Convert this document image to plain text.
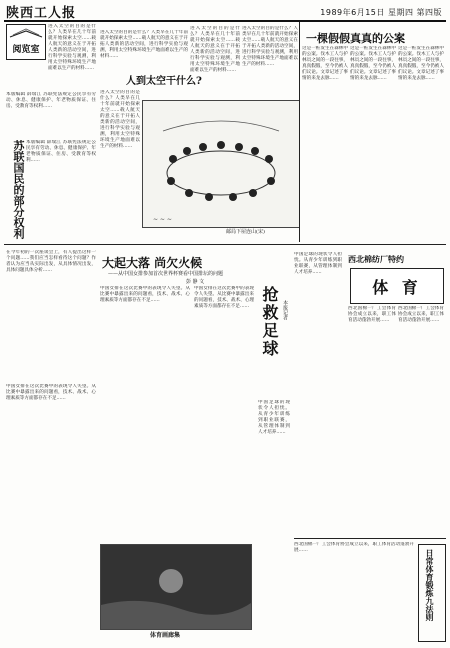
陕西工人报	1989年6月15日 星期四 第四版
阅览室
进入太空的目的是什么？人类早在几十年前就开始探索太空……载人航天的意义在于开拓人类新的活动空间，进行科学实验与观测，利用太空特殊环境生产地面难以生产的材料……
苏联国民的部分权利
本版编辑 薛瑞江 苏联宪法规定公民享有劳动、休息、健康保护、年老物质保证、住房、受教育等权利……
本版编辑 薛瑞江 苏联宪法规定公民享有劳动、休息、健康保护、年老物质保证、住房、受教育等权利……
人到太空干什么?
进入太空的目的是什么？人类早在几十年前就开始探索太空……载人航天的意义在于开拓人类新的活动空间，进行科学实验与观测，利用太空特殊环境生产地面难以生产的材料……
进入太空的目的是什么？人类早在几十年前就开始探索太空……载人航天的意义在于开拓人类新的活动空间，进行科学实验与观测，利用太空特殊环境生产地面难以生产的材料……
进入太空的目的是什么？人类早在几十年前就开始探索太空……载人航天的意义在于开拓人类新的活动空间，进行科学实验与观测，利用太空特殊环境生产地面难以生产的材料……
进入太空的目的是什么？人类早在几十年前就开始探索太空……载人航天的意义在于开拓人类新的活动空间，进行科学实验与观测，利用太空特殊环境生产地面难以生产的材料……
∼ ∼ ∼
邮局下屋连山(宋)
一棵假假真真的公案
这是一桩发生在森林中的公案。伐木工人与护林员之间的一段往事，真真假假，至今仍被人们议论。文章记述了事情的来龙去脉……
这是一桩发生在森林中的公案。伐木工人与护林员之间的一段往事，真真假假，至今仍被人们议论。文章记述了事情的来龙去脉……
这是一桩发生在森林中的公案。伐木工人与护林员之间的一段往事，真真假假，至今仍被人们议论。文章记述了事情的来龙去脉……
在今年初的一次座谈会上，有人提出这样一个问题……我们应当怎样看待这个问题？作者认为应当从实际出发，从具体情况出发，具体问题具体分析……
大起大落 尚欠火候
——从中国女排参加首次世界杯赛看中国排坛的问题
彭 静 文
中国女排在这次比赛中的表现令人失望。从比赛中暴露出来的问题看，技术、战术、心理素质等方面都存在不足……
中国女排在这次比赛中的表现令人失望。从比赛中暴露出来的问题看，技术、战术、心理素质等方面都存在不足……
中国女排在这次比赛中的表现令人失望。从比赛中暴露出来的问题看，技术、战术、心理素质等方面都存在不足……
体育画廊集
抢救足球 本报记者
中国足球的现状令人担忧。从青少年训练到职业联赛，从管理体制到人才培养……
中国足球的现状令人担忧。从青少年训练到职业联赛，从管理体制到人才培养……
西北棉纺厂特约
体 育
西北国棉一厂工会体育协会成立以来，职工体育活动蓬勃开展……
西北国棉一厂工会体育协会成立以来，职工体育活动蓬勃开展……
西北国棉一厂工会体育协会成立以来，职工体育活动蓬勃开展……	日常体育锻炼九法则
